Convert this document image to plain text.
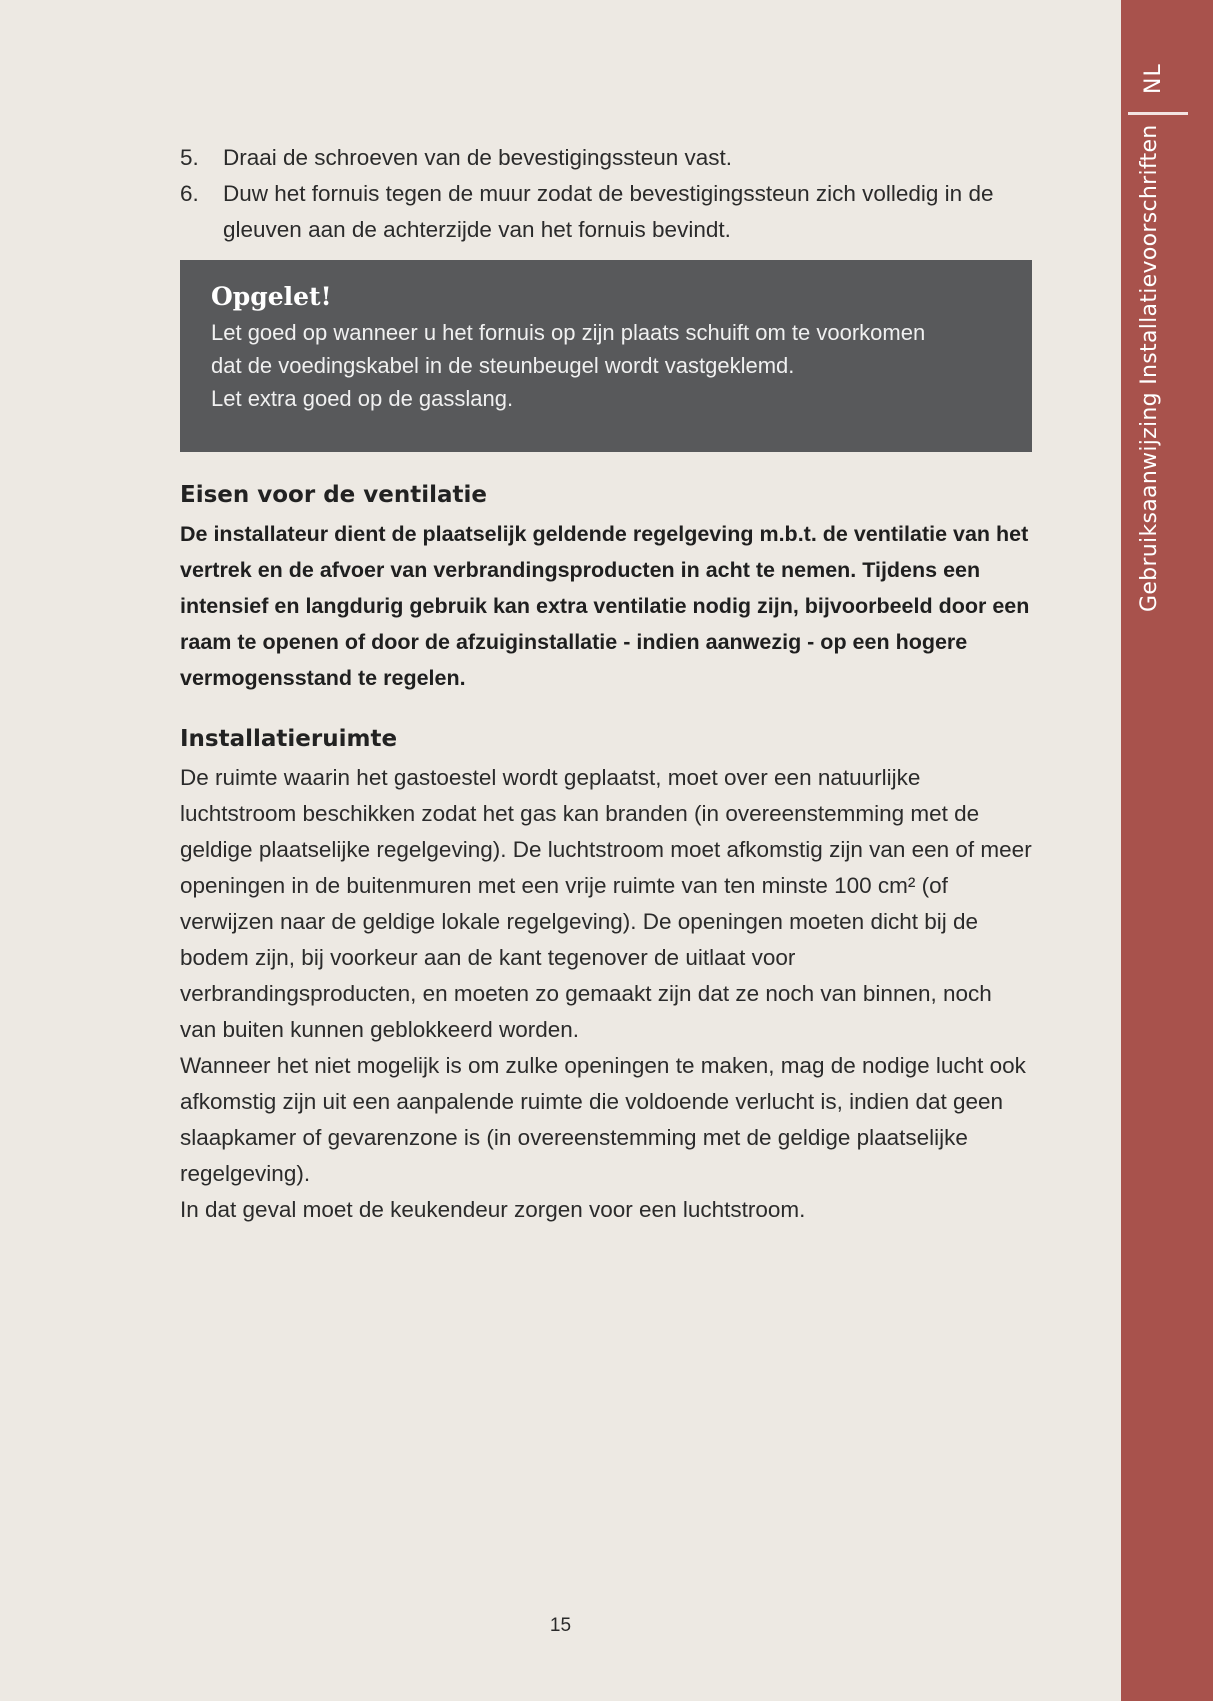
NL
Gebruiksaanwijzing Installatievoorschriften
5. Draai de schroeven van de bevestigingssteun vast.
6. Duw het fornuis tegen de muur zodat de bevestigingssteun zich volledig in de gleuven aan de achterzijde van het fornuis bevindt.

Opgelet!

Let goed op wanneer u het fornuis op zijn plaats schuift om te voorkomen
dat de voedingskabel in de steunbeugel wordt vastgeklemd.
Let extra goed op de gasslang.

Eisen voor de ventilatie

De installateur dient de plaatselijk geldende regelgeving m.b.t. de ventilatie van het vertrek en de afvoer van verbrandingsproducten in acht te nemen. Tijdens een intensief en langdurig gebruik kan extra ventilatie nodig zijn, bijvoorbeeld door een raam te openen of door de afzuiginstallatie - indien aanwezig - op een hogere vermogensstand te regelen.

Installatieruimte

De ruimte waarin het gastoestel wordt geplaatst, moet over een natuurlijke luchtstroom beschikken zodat het gas kan branden (in overeenstemming met de geldige plaatselijke regelgeving). De luchtstroom moet afkomstig zijn van een of meer openingen in de buitenmuren met een vrije ruimte van ten minste 100 cm² (of verwijzen naar de geldige lokale regelgeving). De openingen moeten dicht bij de bodem zijn, bij voorkeur aan de kant tegenover de uitlaat voor verbrandingsproducten, en moeten zo gemaakt zijn dat ze noch van binnen, noch van buiten kunnen geblokkeerd worden.

Wanneer het niet mogelijk is om zulke openingen te maken, mag de nodige lucht ook afkomstig zijn uit een aanpalende ruimte die voldoende verlucht is, indien dat geen slaapkamer of gevarenzone is (in overeenstemming met de geldige plaatselijke regelgeving).

In dat geval moet de keukendeur zorgen voor een luchtstroom.

15
